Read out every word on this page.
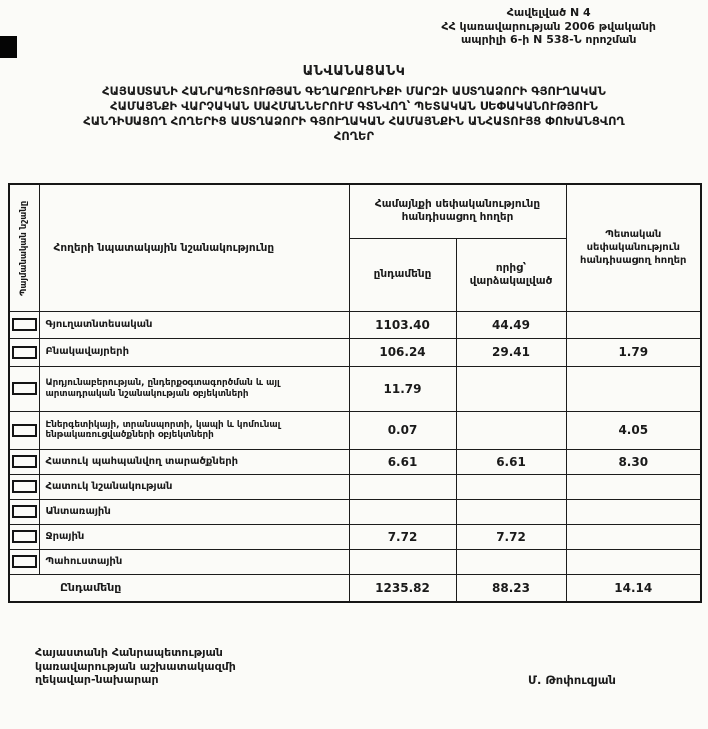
Հավելված N 4
ՀՀ կառավարության 2006 թվականի
ապրիլի 6-ի N 538-Ն որոշման
ԱՆՎԱՆԱՑԱՆԿ
ՀԱՅԱՍՏԱՆԻ ՀԱՆՐԱՊԵՏՈՒԹՅԱՆ ԳԵՂԱՐՔՈՒՆԻՔԻ ՄԱՐԶԻ ԱՍՏՂԱՁՈՐԻ ԳՅՈՒՂԱԿԱՆ
ՀԱՄԱՅՆՔԻ ՎԱՐՉԱԿԱՆ ՍԱՀՄԱՆՆԵՐՈՒՄ ԳՏՆՎՈՂ՝ ՊԵՏԱԿԱՆ ՍԵՓԱԿԱՆՈՒԹՅՈՒՆ
ՀԱՆԴԻՍԱՑՈՂ ՀՈՂԵՐԻՑ ԱՍՏՂԱՁՈՐԻ ԳՅՈՒՂԱԿԱՆ ՀԱՄԱՅՆՔԻՆ ԱՆՀԱՏՈՒՅՑ ՓՈԽԱՆՑՎՈՂ
ՀՈՂԵՐ
Պայմանական նշանը	Հողերի նպատակային նշանակությունը	Համայնքի սեփականությունը հանդիսացող հողեր		Պետական սեփականություն հանդիսացող հողեր
		ընդամենը	որից՝ վարձակալված	

	Գյուղատնտեսական	1103.40	44.49	

	Բնակավայրերի	106.24	29.41	1.79

	Արդյունաբերության, ընդերքօգտագործման և այլ արտադրական նշանակության օբյեկտների	11.79		

	Էներգետիկայի, տրանսպորտի, կապի և կոմունալ ենթակառուցվածքների օբյեկտների	0.07		4.05

	Հատուկ պահպանվող տարածքների	6.61	6.61	8.30

	Հատուկ նշանակության			

	Անտառային			

	Ջրային	7.72	7.72	

	Պահուստային			
Ընդամենը		1235.82	88.23	14.14
Հայաստանի Հանրապետության
կառավարության աշխատակազմի
ղեկավար-նախարար	Մ. Թոփուզյան
